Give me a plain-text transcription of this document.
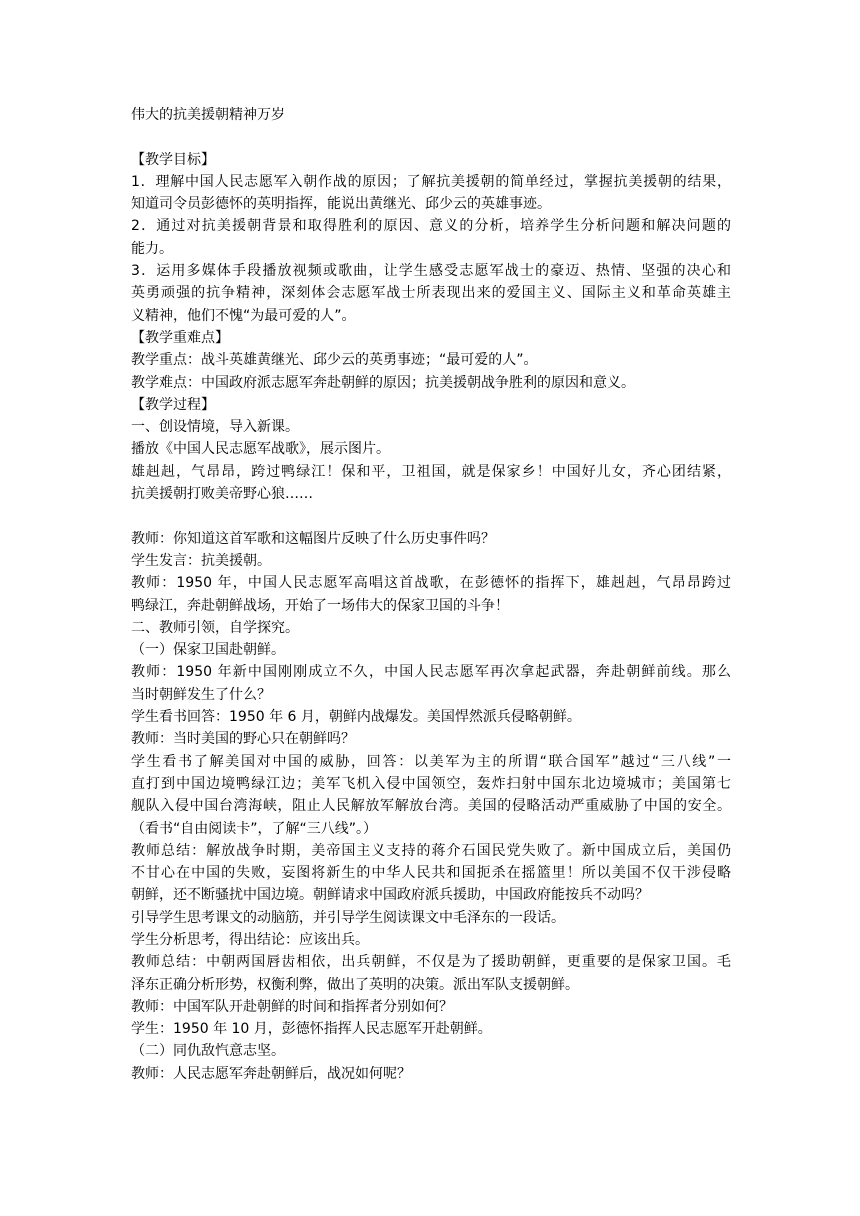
伟大的抗美援朝精神万岁
【教学目标】
1．理解中国人民志愿军入朝作战的原因；了解抗美援朝的简单经过，掌握抗美援朝的结果，
知道司令员彭德怀的英明指挥，能说出黄继光、邱少云的英雄事迹。
2．通过对抗美援朝背景和取得胜利的原因、意义的分析，培养学生分析问题和解决问题的
能力。
3．运用多媒体手段播放视频或歌曲，让学生感受志愿军战士的豪迈、热情、坚强的决心和
英勇顽强的抗争精神，深刻体会志愿军战士所表现出来的爱国主义、国际主义和革命英雄主
义精神，他们不愧“为最可爱的人”。
【教学重难点】
教学重点：战斗英雄黄继光、邱少云的英勇事迹；“最可爱的人”。
教学难点：中国政府派志愿军奔赴朝鲜的原因；抗美援朝战争胜利的原因和意义。
【教学过程】
一、创设情境，导入新课。
播放《中国人民志愿军战歌》，展示图片。
雄赳赳，气昂昂，跨过鸭绿江！保和平，卫祖国，就是保家乡！中国好儿女，齐心团结紧，
抗美援朝打败美帝野心狼……
教师：你知道这首军歌和这幅图片反映了什么历史事件吗？
学生发言：抗美援朝。
教师：1950 年，中国人民志愿军高唱这首战歌，在彭德怀的指挥下，雄赳赳，气昂昂跨过
鸭绿江，奔赴朝鲜战场，开始了一场伟大的保家卫国的斗争！
二、教师引领，自学探究。
（一）保家卫国赴朝鲜。
教师：1950 年新中国刚刚成立不久，中国人民志愿军再次拿起武器，奔赴朝鲜前线。那么
当时朝鲜发生了什么？
学生看书回答：1950 年 6 月，朝鲜内战爆发。美国悍然派兵侵略朝鲜。
教师：当时美国的野心只在朝鲜吗？
学生看书了解美国对中国的威胁，回答：以美军为主的所谓“联合国军”越过“三八线”一
直打到中国边境鸭绿江边；美军飞机入侵中国领空，轰炸扫射中国东北边境城市；美国第七
舰队入侵中国台湾海峡，阻止人民解放军解放台湾。美国的侵略活动严重威胁了中国的安全。
（看书“自由阅读卡”，了解“三八线”。）
教师总结：解放战争时期，美帝国主义支持的蒋介石国民党失败了。新中国成立后，美国仍
不甘心在中国的失败，妄图将新生的中华人民共和国扼杀在摇篮里！所以美国不仅干涉侵略
朝鲜，还不断骚扰中国边境。朝鲜请求中国政府派兵援助，中国政府能按兵不动吗？
引导学生思考课文的动脑筋，并引导学生阅读课文中毛泽东的一段话。
学生分析思考，得出结论：应该出兵。
教师总结：中朝两国唇齿相依，出兵朝鲜，不仅是为了援助朝鲜，更重要的是保家卫国。毛
泽东正确分析形势，权衡利弊，做出了英明的决策。派出军队支援朝鲜。
教师：中国军队开赴朝鲜的时间和指挥者分别如何？
学生：1950 年 10 月，彭德怀指挥人民志愿军开赴朝鲜。
（二）同仇敌忾意志坚。
教师：人民志愿军奔赴朝鲜后，战况如何呢？
